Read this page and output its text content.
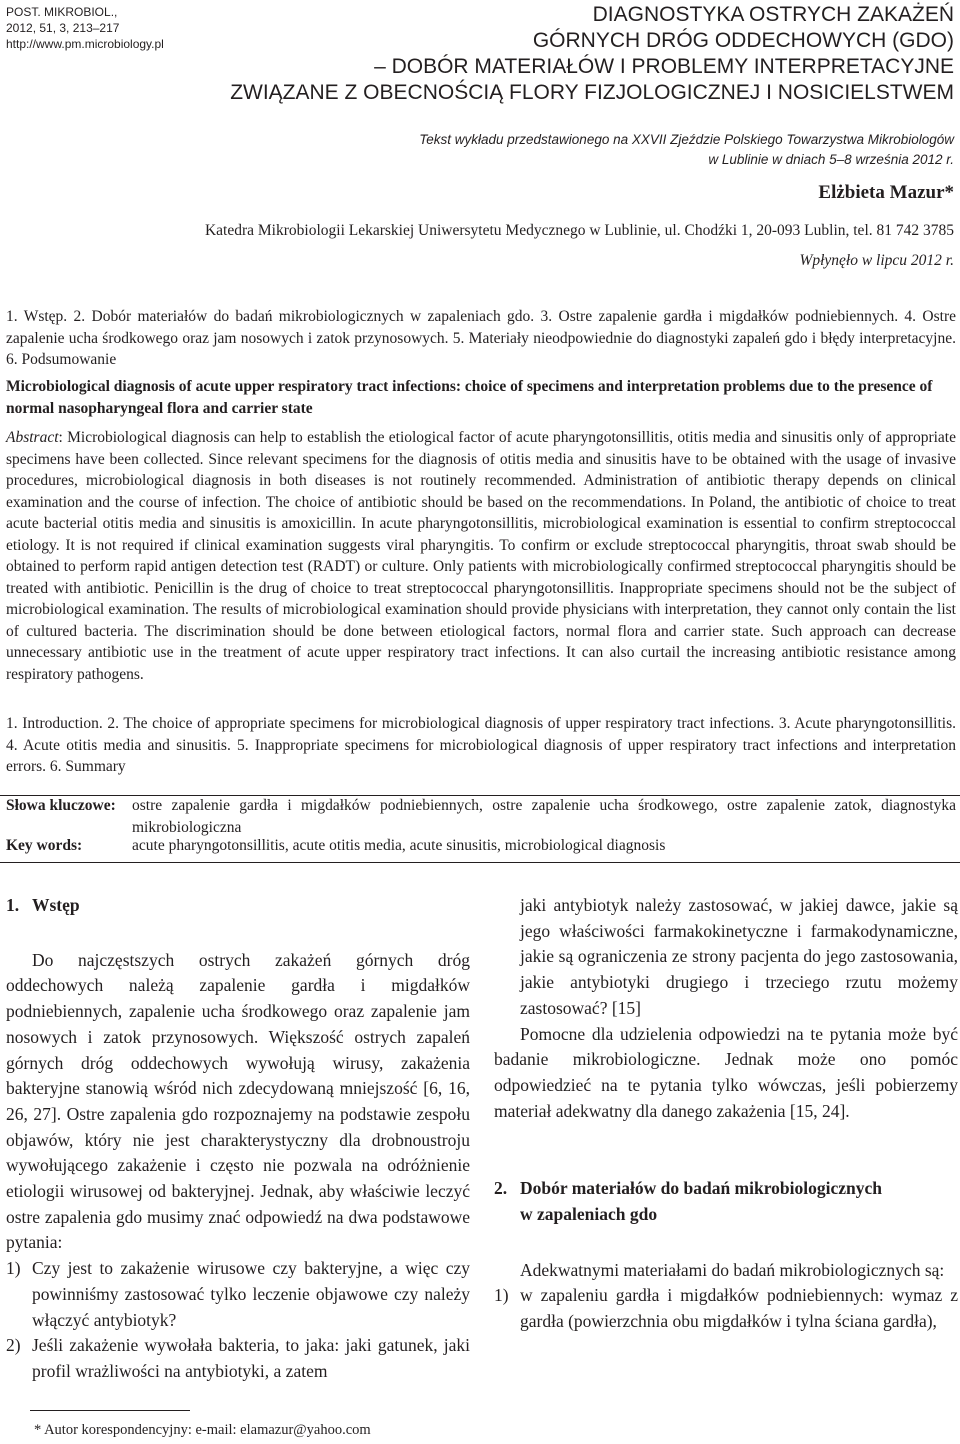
POST. MIKROBIOL.,
2012, 51, 3, 213–217
http://www.pm.microbiology.pl
DIAGNOSTYKA OSTRYCH ZAKAŻEŃ
GÓRNYCH DRÓG ODDECHOWYCH (GDO)
– DOBÓR MATERIAŁÓW I PROBLEMY INTERPRETACYJNE
ZWIĄZANE Z OBECNOŚCIĄ FLORY FIZJOLOGICZNEJ I NOSICIELSTWEM
Tekst wykładu przedstawionego na XXVII Zjeździe Polskiego Towarzystwa Mikrobiologów
w Lublinie w dniach 5–8 września 2012 r.
Elżbieta Mazur*
Katedra Mikrobiologii Lekarskiej Uniwersytetu Medycznego w Lublinie, ul. Chodźki 1, 20-093 Lublin, tel. 81 742 3785
Wpłynęło w lipcu 2012 r.
1. Wstęp. 2. Dobór materiałów do badań mikrobiologicznych w zapaleniach gdo. 3. Ostre zapalenie gardła i migdałków podniebiennych. 4. Ostre zapalenie ucha środkowego oraz jam nosowych i zatok przynosowych. 5. Materiały nieodpowiednie do diagnostyki zapaleń gdo i błędy interpretacyjne. 6. Podsumowanie
Microbiological diagnosis of acute upper respiratory tract infections: choice of specimens and interpretation problems due to the presence of normal nasopharyngeal flora and carrier state
Abstract: Microbiological diagnosis can help to establish the etiological factor of acute pharyngotonsillitis, otitis media and sinusitis only of appropriate specimens have been collected. Since relevant specimens for the diagnosis of otitis media and sinusitis have to be obtained with the usage of invasive procedures, microbiological diagnosis in both diseases is not routinely recommended. Administration of antibiotic therapy depends on clinical examination and the course of infection. The choice of antibiotic should be based on the recommendations. In Poland, the antibiotic of choice to treat acute bacterial otitis media and sinusitis is amoxicillin. In acute pharyngotonsillitis, microbiological examination is essential to confirm streptococcal etiology. It is not required if clinical examination suggests viral pharyngitis. To confirm or exclude streptococcal pharyngitis, throat swab should be obtained to perform rapid antigen detection test (RADT) or culture. Only patients with microbiologically confirmed streptococcal pharyngitis should be treated with antibiotic. Penicillin is the drug of choice to treat streptococcal pharyngotonsillitis. Inappropriate specimens should not be the subject of microbiological examination. The results of microbiological examination should provide physicians with interpretation, they cannot only contain the list of cultured bacteria. The discrimination should be done between etiological factors, normal flora and carrier state. Such approach can decrease unnecessary antibiotic use in the treatment of acute upper respiratory tract infections. It can also curtail the increasing antibiotic resistance among respiratory pathogens.
1. Introduction. 2. The choice of appropriate specimens for microbiological diagnosis of upper respiratory tract infections. 3. Acute pharyngotonsillitis. 4. Acute otitis media and sinusitis. 5. Inappropriate specimens for microbiological diagnosis of upper respiratory tract infections and interpretation errors. 6. Summary
Słowa kluczowe: ostre zapalenie gardła i migdałków podniebiennych, ostre zapalenie ucha środkowego, ostre zapalenie zatok, diagnostyka mikrobiologiczna
Key words:	acute pharyngotonsillitis, acute otitis media, acute sinusitis, microbiological diagnosis
1. Wstęp

Do najczęstszych ostrych zakażeń górnych dróg oddechowych należą zapalenie gardła i migdałków podniebiennych, zapalenie ucha środkowego oraz zapalenie jam nosowych i zatok przynosowych. Większość ostrych zapaleń górnych dróg oddechowych wywołują wirusy, zakażenia bakteryjne stanowią wśród nich zdecydowaną mniejszość [6, 16, 26, 27]. Ostre zapalenia gdo rozpoznajemy na podstawie zespołu objawów, który nie jest charakterystyczny dla drobnoustroju wywołującego zakażenie i często nie pozwala na odróżnienie etiologii wirusowej od bakteryjnej. Jednak, aby właściwie leczyć ostre zapalenia gdo musimy znać odpowiedź na dwa podstawowe pytania:

1) Czy jest to zakażenie wirusowe czy bakteryjne, a więc czy powinniśmy zastosować tylko leczenie objawowe czy należy włączyć antybiotyk?
2) Jeśli zakażenie wywołała bakteria, to jaka: jaki gatunek, jaki profil wrażliwości na antybiotyki, a zatem
jaki antybiotyk należy zastosować, w jakiej dawce, jakie są jego właściwości farmakokinetyczne i farmakodynamiczne, jakie są ograniczenia ze strony pacjenta do jego zastosowania, jakie antybiotyki drugiego i trzeciego rzutu możemy zastosować? [15]

Pomocne dla udzielenia odpowiedzi na te pytania może być badanie mikrobiologiczne. Jednak może ono pomóc odpowiedzieć na te pytania tylko wówczas, jeśli pobierzemy materiał adekwatny dla danego zakażenia [15, 24].

2. Dobór materiałów do badań mikrobiologicznych
w zapaleniach gdo

Adekwatnymi materiałami do badań mikrobiologicznych są:

1) w zapaleniu gardła i migdałków podniebiennych: wymaz z gardła (powierzchnia obu migdałków i tylna ściana gardła),
* Autor korespondencyjny: e-mail: elamazur@yahoo.com
